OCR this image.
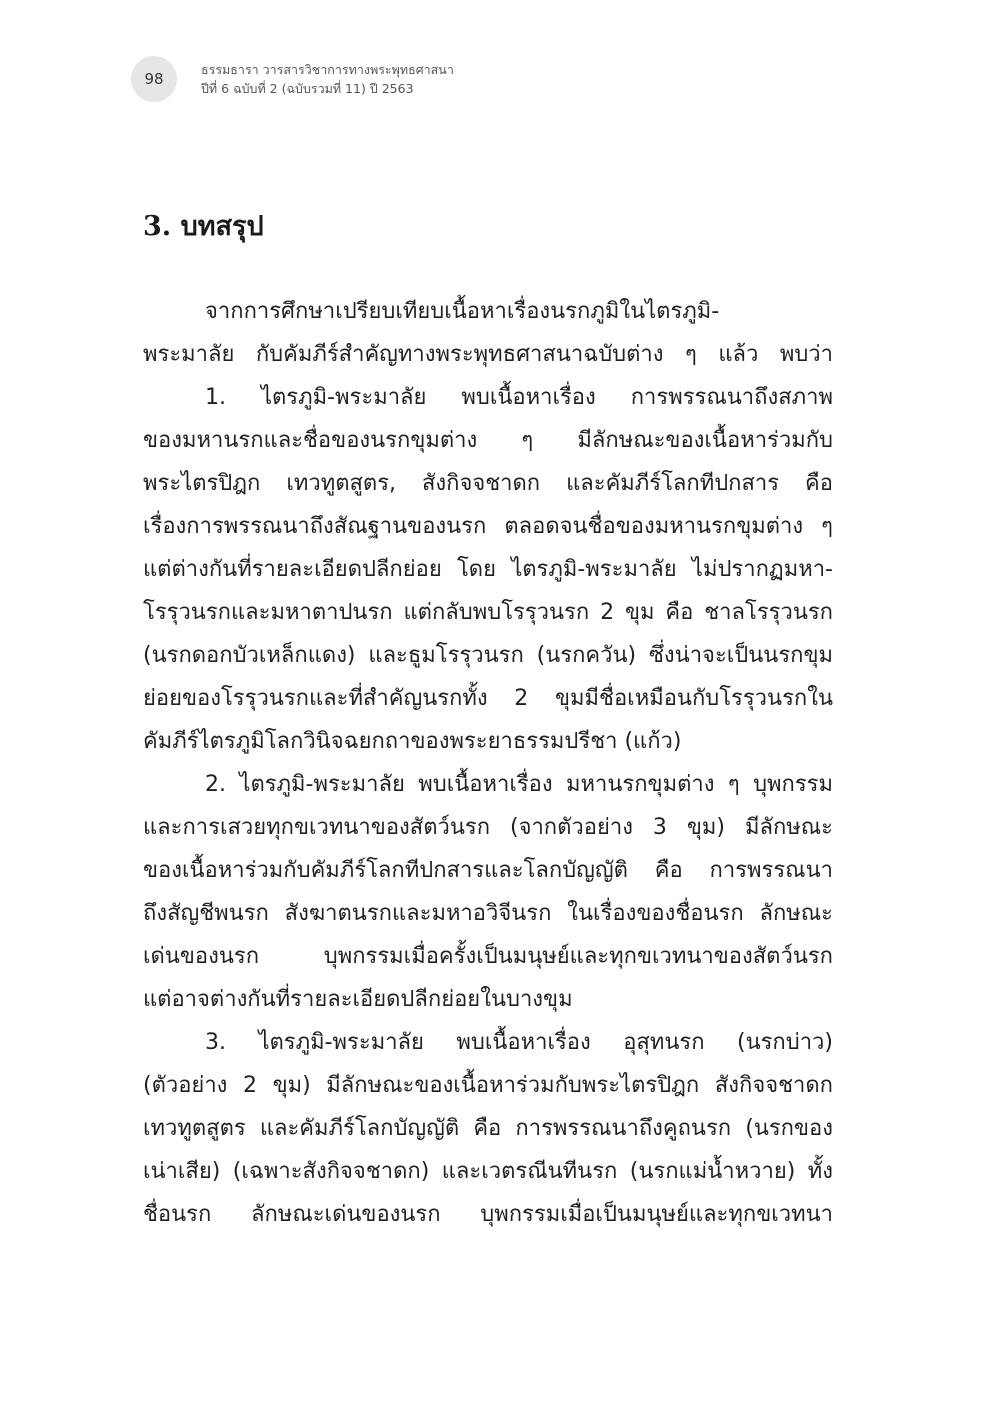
98
ธรรมธารา วารสารวิชาการทางพระพุทธศาสนา
ปีที่ 6 ฉบับที่ 2 (ฉบับรวมที่ 11) ปี 2563
3. บทสรุป
จากการศึกษาเปรียบเทียบเนื้อหาเรื่องนรกภูมิในไตรภูมิ-
พระมาลัย กับคัมภีร์สำคัญทางพระพุทธศาสนาฉบับต่าง ๆ แล้ว พบว่า
1. ไตรภูมิ-พระมาลัย พบเนื้อหาเรื่อง การพรรณนาถึงสภาพ
ของมหานรกและชื่อของนรกขุมต่าง ๆ มีลักษณะของเนื้อหาร่วมกับ
พระไตรปิฎก เทวทูตสูตร, สังกิจจชาดก และคัมภีร์โลกทีปกสาร คือ
เรื่องการพรรณนาถึงสัณฐานของนรก ตลอดจนชื่อของมหานรกขุมต่าง ๆ
แต่ต่างกันที่รายละเอียดปลีกย่อย โดย ไตรภูมิ-พระมาลัย ไม่ปรากฏมหา-
โรรุวนรกและมหาตาปนรก แต่กลับพบโรรุวนรก 2 ขุม คือ ชาลโรรุวนรก
(นรกดอกบัวเหล็กแดง) และธูมโรรุวนรก (นรกควัน) ซึ่งน่าจะเป็นนรกขุม
ย่อยของโรรุวนรกและที่สำคัญนรกทั้ง 2 ขุมมีชื่อเหมือนกับโรรุวนรกใน
คัมภีร์ไตรภูมิโลกวินิจฉยกถาของพระยาธรรมปรีชา (แก้ว)
2. ไตรภูมิ-พระมาลัย พบเนื้อหาเรื่อง มหานรกขุมต่าง ๆ บุพกรรม
และการเสวยทุกขเวทนาของสัตว์นรก (จากตัวอย่าง 3 ขุม) มีลักษณะ
ของเนื้อหาร่วมกับคัมภีร์โลกทีปกสารและโลกบัญญัติ คือ การพรรณนา
ถึงสัญชีพนรก สังฆาตนรกและมหาอวิจีนรก ในเรื่องของชื่อนรก ลักษณะ
เด่นของนรก บุพกรรมเมื่อครั้งเป็นมนุษย์และทุกขเวทนาของสัตว์นรก
แต่อาจต่างกันที่รายละเอียดปลีกย่อยในบางขุม
3. ไตรภูมิ-พระมาลัย พบเนื้อหาเรื่อง อุสุทนรก (นรกบ่าว)
(ตัวอย่าง 2 ขุม) มีลักษณะของเนื้อหาร่วมกับพระไตรปิฎก สังกิจจชาดก
เทวทูตสูตร และคัมภีร์โลกบัญญัติ คือ การพรรณนาถึงคูถนรก (นรกของ
เน่าเสีย) (เฉพาะสังกิจจชาดก) และเวตรณีนทีนรก (นรกแม่น้ำหวาย) ทั้ง
ชื่อนรก ลักษณะเด่นของนรก บุพกรรมเมื่อเป็นมนุษย์และทุกขเวทนา
